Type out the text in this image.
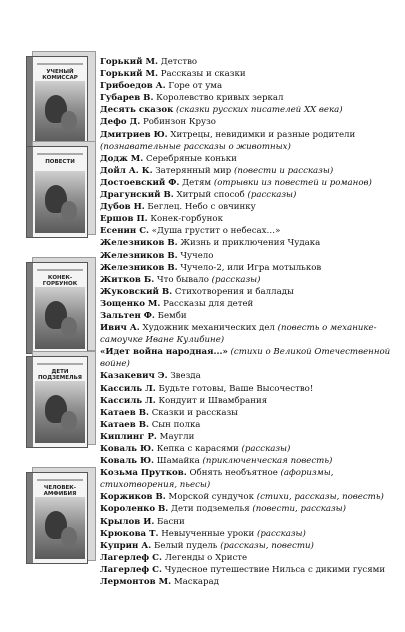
УЧЕНЫЙ КОМИССАР
ПОВЕСТИ
КОНЕК-ГОРБУНОК
ДЕТИ ПОДЗЕМЕЛЬЯ
ЧЕЛОВЕК-АМФИБИЯ
Горький М. Детство
Горький М. Рассказы и сказки
Грибоедов А. Горе от ума
Губарев В. Королевство кривых зеркал
Десять сказок (сказки русских писателей XX века)
Дефо Д. Робинзон Крузо
Дмитриев Ю. Хитрецы, невидимки и разные родители (познавательные рассказы о животных)
Додж М. Серебряные коньки
Дойл А. К. Затерянный мир (повести и рассказы)
Достоевский Ф. Детям (отрывки из повестей и романов)
Драгунский В. Хитрый способ (рассказы)
Дубов Н. Беглец. Небо с овчинку
Ершов П. Конек-горбунок
Есенин С. «Душа грустит о небесах…»
Железников В. Жизнь и приключения Чудака
Железников В. Чучело
Железников В. Чучело-2, или Игра мотыльков
Житков Б. Что бывало (рассказы)
Жуковский В. Стихотворения и баллады
Зощенко М. Рассказы для детей
Зальтен Ф. Бемби
Ивич А. Художник механических дел (повесть о механике-самоучке Иване Кулибине)
«Идет война народная...» (стихи о Великой Отечественной войне)
Казакевич Э. Звезда
Кассиль Л. Будьте готовы, Ваше Высочество!
Кассиль Л. Кондуит и Швамбрания
Катаев В. Сказки и рассказы
Катаев В. Сын полка
Киплинг Р. Маугли
Коваль Ю. Кепка с карасями (рассказы)
Коваль Ю. Шамайка (приключенческая повесть)
Козьма Прутков. Обнять необъятное (афоризмы, стихотворения, пьесы)
Коржиков В. Морской сундучок (стихи, рассказы, повесть)
Короленко В. Дети подземелья (повести, рассказы)
Крылов И. Басни
Крюкова Т. Невыученные уроки (рассказы)
Куприн А. Белый пудель (рассказы, повести)
Лагерлеф С. Легенды о Христе
Лагерлеф С. Чудесное путешествие Нильса с дикими гусями
Лермонтов М. Маскарад
